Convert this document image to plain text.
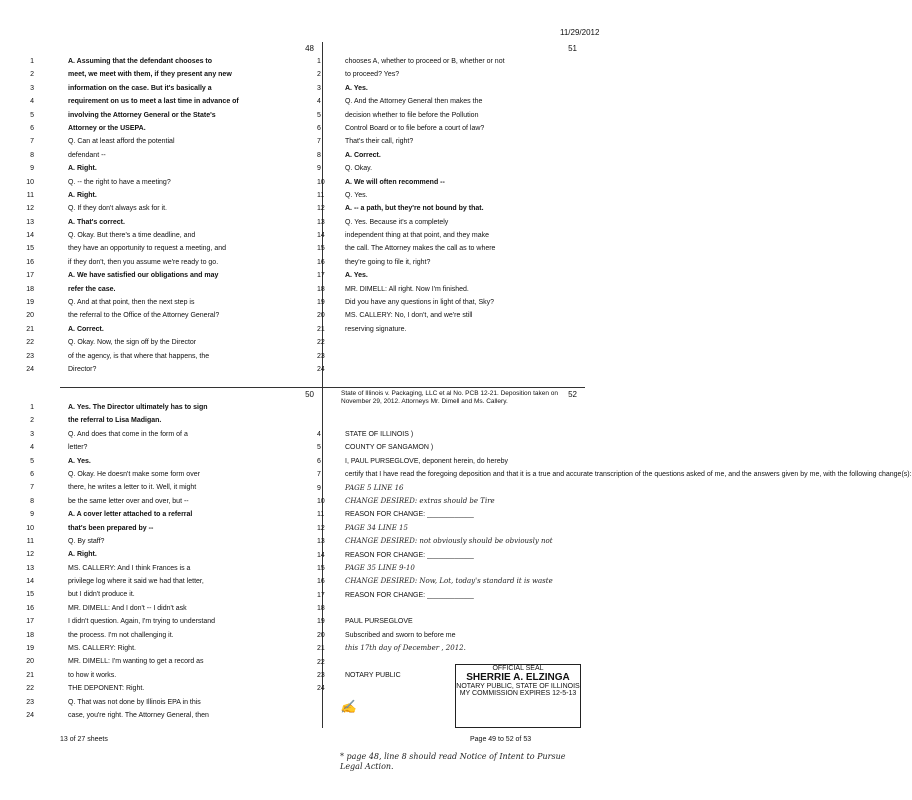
11/29/2012
48
1	A. Assuming that the defendant chooses to
2	meet, we meet with them, if they present any new
3	information on the case. But it's basically a
4	requirement on us to meet a last time in advance of
5	involving the Attorney General or the State's
6	Attorney or the USEPA.
7	Q. Can at least afford the potential
8	defendant --
9	A. Right.
10	Q. -- the right to have a meeting?
11	A. Right.
12	Q. If they don't always ask for it.
13	A. That's correct.
14	Q. Okay. But there's a time deadline, and
15	they have an opportunity to request a meeting, and
16	if they don't, then you assume we're ready to go.
17	A. We have satisfied our obligations and may
18	refer the case.
19	Q. And at that point, then the next step is
20	the referral to the Office of the Attorney General?
21	A. Correct.
22	Q. Okay. Now, the sign off by the Director
23	of the agency, is that where that happens, the
24	Director?
51
1	chooses A, whether to proceed or B, whether or not
2	to proceed? Yes?
3	A. Yes.
4	Q. And the Attorney General then makes the
5	decision whether to file before the Pollution
6	Control Board or to file before a court of law?
7	That's their call, right?
8	A. Correct.
9	Q. Okay.
10	A. We will often recommend --
11	Q. Yes.
12	A. -- a path, but they're not bound by that.
13	Q. Yes. Because it's a completely
14	independent thing at that point, and they make
15	the call. The Attorney makes the call as to where
16	they're going to file it, right?
17	A. Yes.
18	MR. DIMELL: All right. Now I'm finished.
19	Did you have any questions in light of that, Sky?
20	MS. CALLERY: No, I don't, and we're still
21	reserving signature.
22
23
24
50
1	A. Yes. The Director ultimately has to sign
2	the referral to Lisa Madigan.
3	Q. And does that come in the form of a
4	letter?
5	A. Yes.
6	Q. Okay. He doesn't make some form over
7	there, he writes a letter to it. Well, it might
8	be the same letter over and over, but --
9	A. A cover letter attached to a referral
10	that's been prepared by --
11	Q. By staff?
12	A. Right.
13	MS. CALLERY: And I think Frances is a
14	privilege log where it said we had that letter,
15	but I didn't produce it.
16	MR. DIMELL: And I don't -- I didn't ask
17	I didn't question. Again, I'm trying to understand
18	the process. I'm not challenging it.
19	MS. CALLERY: Right.
20	MR. DIMELL: I'm wanting to get a record as
21	to how it works.
22	THE DEPONENT: Right.
23	Q. That was not done by Illinois EPA in this
24	case, you're right. The Attorney General, then
52
State of Illinois v. Packaging, LLC et al No. PCB 12-21. Deposition taken on November 29, 2012. Attorneys Mr. Dimell and Ms. Callery.
4	STATE OF ILLINOIS )
5	COUNTY OF SANGAMON )
6	I, PAUL PURSEGLOVE, deponent herein, do hereby
7	certify that I have read the foregoing deposition and that it is a true and accurate transcription of the questions asked of me, and the answers given by me, with the following change(s):
9	PAGE 5 LINE 16
10	CHANGE DESIRED: extras should be Tire
11	REASON FOR CHANGE: ____________
12	PAGE 34 LINE 15
13	CHANGE DESIRED: not obviously should be obviously not
14	REASON FOR CHANGE: ____________
15	PAGE 35 LINE 9-10
16	CHANGE DESIRED: Now, Lot, today's standard it is waste
17	REASON FOR CHANGE: ____________
18
19	PAUL PURSEGLOVE
20	Subscribed and sworn to before me
21	this 17th day of December , 2012.
22
23	NOTARY PUBLIC
24
OFFICIAL SEAL
SHERRIE A. ELZINGA
NOTARY PUBLIC, STATE OF ILLINOIS
MY COMMISSION EXPIRES 12-5-13
✍
13 of 27 sheets	Page 49 to 52 of 53
* page 48, line 8 should read Notice of Intent to Pursue Legal Action.
